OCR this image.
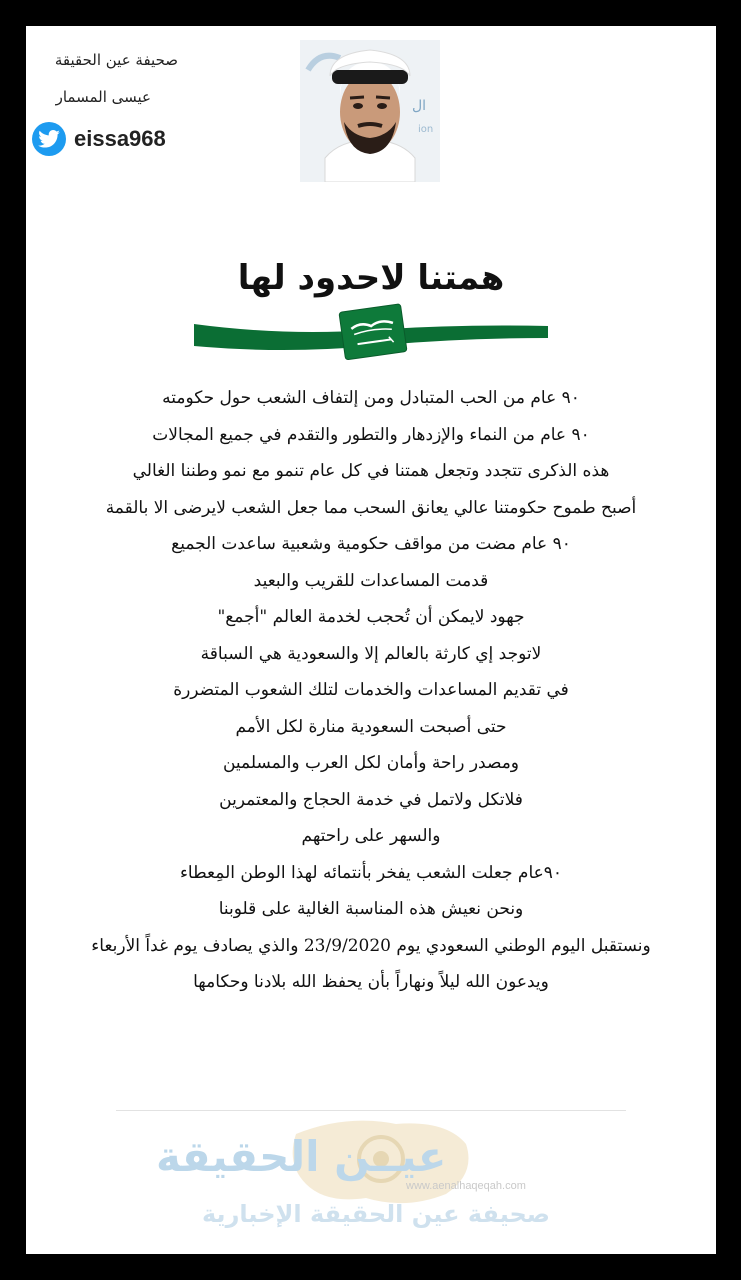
صحيفة عين الحقيقة
عيسى المسمار
eissa968
ال
ion
همتنا لاحدود لها
٩٠ عام من الحب المتبادل ومن إلتفاف الشعب حول حكومته
٩٠ عام من النماء والإزدهار والتطور والتقدم في جميع المجالات
هذه الذكرى تتجدد وتجعل همتنا في كل عام تنمو مع نمو وطننا الغالي
أصبح طموح حكومتنا عالي يعانق السحب مما جعل الشعب لايرضى الا بالقمة
٩٠ عام مضت من مواقف حكومية وشعبية ساعدت الجميع
قدمت المساعدات للقريب والبعيد
جهود لايمكن أن تُحجب لخدمة العالم "أجمع"
لاتوجد إي كارثة بالعالم إلا والسعودية هي السباقة
في تقديم المساعدات والخدمات لتلك الشعوب المتضررة
حتى أصبحت السعودية منارة لكل الأمم
ومصدر راحة وأمان لكل العرب والمسلمين
فلاتكل ولاتمل في خدمة الحجاج والمعتمرين
والسهر على راحتهم
٩٠عام جعلت الشعب يفخر بأنتمائه لهذا الوطن المِعطاء
ونحن نعيش هذه المناسبة الغالية على قلوبنا
ونستقبل اليوم الوطني السعودي يوم 23/9/2020 والذي يصادف يوم غداً الأربعاء
ويدعون الله ليلاً ونهاراً بأن يحفظ الله بلادنا وحكامها
عيــن الحقيقة
www.aenalhaqeqah.com
صحيفة عين الحقيقة الإخبارية
